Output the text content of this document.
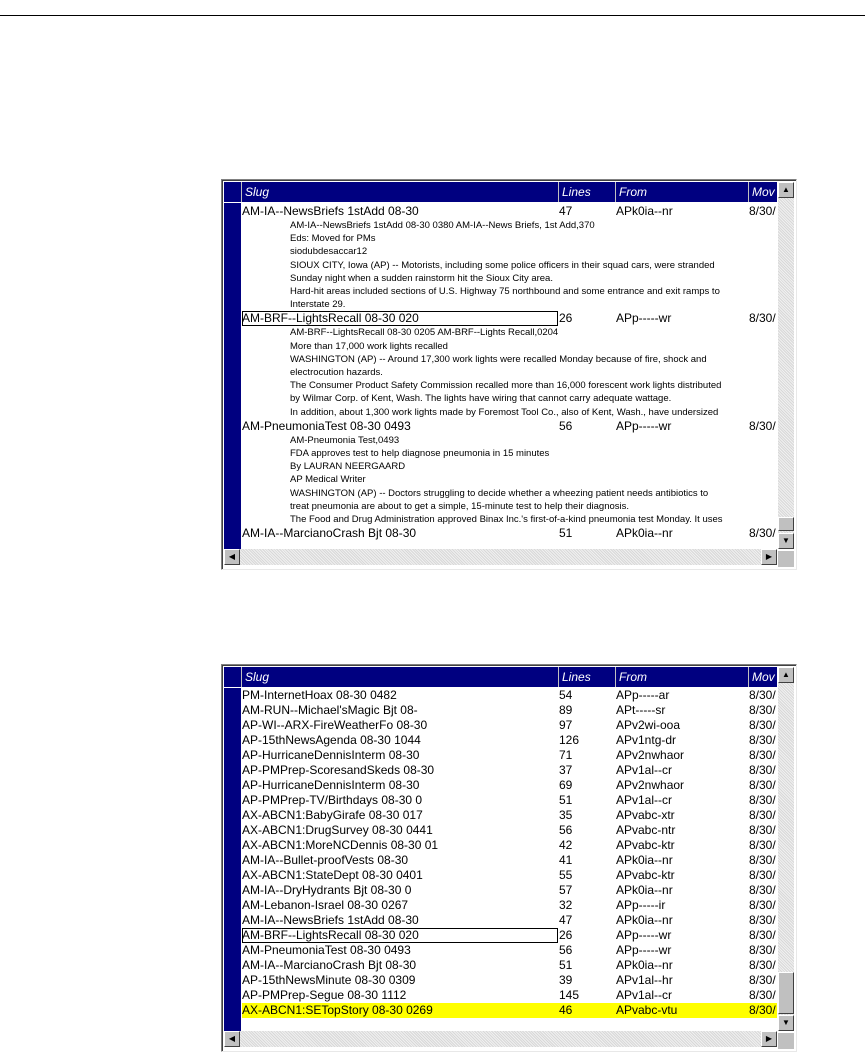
Slug	Lines	From	Mov
AM-IA--NewsBriefs 1stAdd 08-30	47	APk0ia--nr	8/30/
AM-IA--NewsBriefs 1stAdd 08-30 0380 AM-IA--News Briefs, 1st Add,370
Eds: Moved for PMs
siodubdesaccar12
SIOUX CITY, Iowa (AP) -- Motorists, including some police officers in their squad cars, were stranded
Sunday night when a sudden rainstorm hit the Sioux City area.
Hard-hit areas included sections of U.S. Highway 75 northbound and some entrance and exit ramps to
Interstate 29.
AM-BRF--LightsRecall 08-30 020	26	APp-----wr	8/30/
AM-BRF--LightsRecall 08-30 0205 AM-BRF--Lights Recall,0204
More than 17,000 work lights recalled
WASHINGTON (AP) -- Around 17,300 work lights were recalled Monday because of fire, shock and
electrocution hazards.
The Consumer Product Safety Commission recalled more than 16,000 forescent work lights distributed
by Wilmar Corp. of Kent, Wash. The lights have wiring that cannot carry adequate wattage.
In addition, about 1,300 work lights made by Foremost Tool Co., also of Kent, Wash., have undersized
AM-PneumoniaTest 08-30 0493	56	APp-----wr	8/30/
AM-Pneumonia Test,0493
FDA approves test to help diagnose pneumonia in 15 minutes
By LAURAN NEERGAARD
AP Medical Writer
WASHINGTON (AP) -- Doctors struggling to decide whether a wheezing patient needs antibiotics to
treat pneumonia are about to get a simple, 15-minute test to help their diagnosis.
The Food and Drug Administration approved Binax Inc.'s first-of-a-kind pneumonia test Monday. It uses
AM-IA--MarcianoCrash Bjt 08-30	51	APk0ia--nr	8/30/
▲
▼
◀	▶
Slug	Lines	From	Mov
PM-InternetHoax 08-30 0482	54	APp-----ar	8/30/
AM-RUN--Michael'sMagic Bjt 08-	89	APt-----sr	8/30/
AP-WI--ARX-FireWeatherFo 08-30	97	APv2wi-ooa	8/30/
AP-15thNewsAgenda 08-30 1044	126	APv1ntg-dr	8/30/
AP-HurricaneDennisInterm 08-30	71	APv2nwhaor	8/30/
AP-PMPrep-ScoresandSkeds 08-30	37	APv1al--cr	8/30/
AP-HurricaneDennisInterm 08-30	69	APv2nwhaor	8/30/
AP-PMPrep-TV/Birthdays 08-30 0	51	APv1al--cr	8/30/
AX-ABCN1:BabyGirafe 08-30 017	35	APvabc-xtr	8/30/
AX-ABCN1:DrugSurvey 08-30 0441	56	APvabc-ntr	8/30/
AX-ABCN1:MoreNCDennis 08-30 01	42	APvabc-ktr	8/30/
AM-IA--Bullet-proofVests 08-30	41	APk0ia--nr	8/30/
AX-ABCN1:StateDept 08-30 0401	55	APvabc-ktr	8/30/
AM-IA--DryHydrants Bjt 08-30 0	57	APk0ia--nr	8/30/
AM-Lebanon-Israel 08-30 0267	32	APp-----ir	8/30/
AM-IA--NewsBriefs 1stAdd 08-30	47	APk0ia--nr	8/30/
AM-BRF--LightsRecall 08-30 020	26	APp-----wr	8/30/
AM-PneumoniaTest 08-30 0493	56	APp-----wr	8/30/
AM-IA--MarcianoCrash Bjt 08-30	51	APk0ia--nr	8/30/
AP-15thNewsMinute 08-30 0309	39	APv1al--hr	8/30/
AP-PMPrep-Segue 08-30 1112	145	APv1al--cr	8/30/
AX-ABCN1:SETopStory 08-30 0269	46	APvabc-vtu	8/30/
▲
▼
◀	▶
